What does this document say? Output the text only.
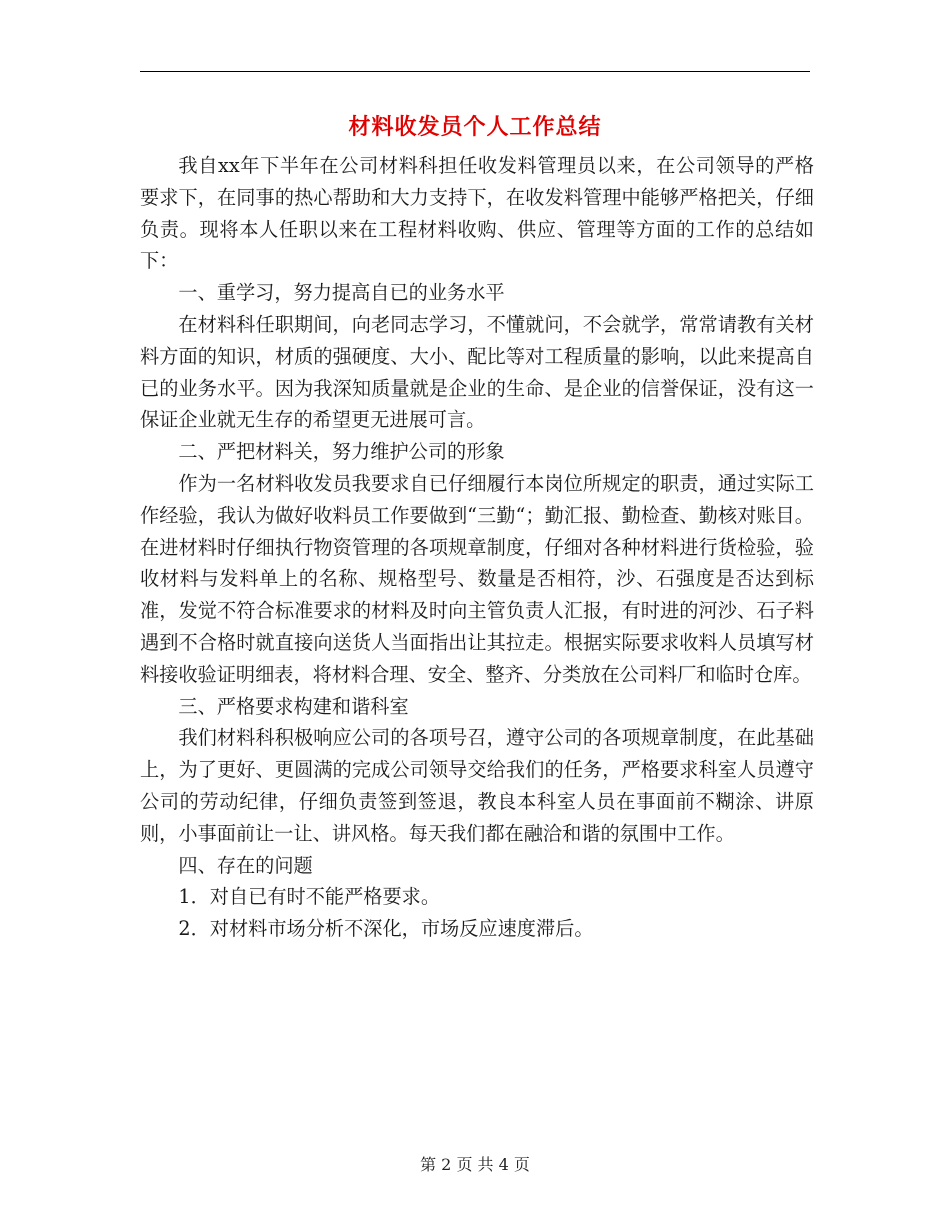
材料收发员个人工作总结

我自xx年下半年在公司材料科担任收发料管理员以来，在公司领导的严格要求下，在同事的热心帮助和大力支持下，在收发料管理中能够严格把关，仔细负责。现将本人任职以来在工程材料收购、供应、管理等方面的工作的总结如下：

一、重学习，努力提高自已的业务水平

在材料科任职期间，向老同志学习，不懂就问，不会就学，常常请教有关材料方面的知识，材质的强硬度、大小、配比等对工程质量的影响，以此来提高自已的业务水平。因为我深知质量就是企业的生命、是企业的信誉保证，没有这一保证企业就无生存的希望更无进展可言。

二、严把材料关，努力维护公司的形象

作为一名材料收发员我要求自已仔细履行本岗位所规定的职责，通过实际工作经验，我认为做好收料员工作要做到“三勤“；勤汇报、勤检查、勤核对账目。在进材料时仔细执行物资管理的各项规章制度，仔细对各种材料进行货检验，验收材料与发料单上的名称、规格型号、数量是否相符，沙、石强度是否达到标准，发觉不符合标准要求的材料及时向主管负责人汇报，有时进的河沙、石子料遇到不合格时就直接向送货人当面指出让其拉走。根据实际要求收料人员填写材料接收验证明细表，将材料合理、安全、整齐、分类放在公司料厂和临时仓库。

三、严格要求构建和谐科室

我们材料科积极响应公司的各项号召，遵守公司的各项规章制度，在此基础上，为了更好、更圆满的完成公司领导交给我们的任务，严格要求科室人员遵守公司的劳动纪律，仔细负责签到签退，教良本科室人员在事面前不糊涂、讲原则，小事面前让一让、讲风格。每天我们都在融洽和谐的氛围中工作。

四、存在的问题

1．对自已有时不能严格要求。

2．对材料市场分析不深化，市场反应速度滞后。

第 2 页 共 4 页
